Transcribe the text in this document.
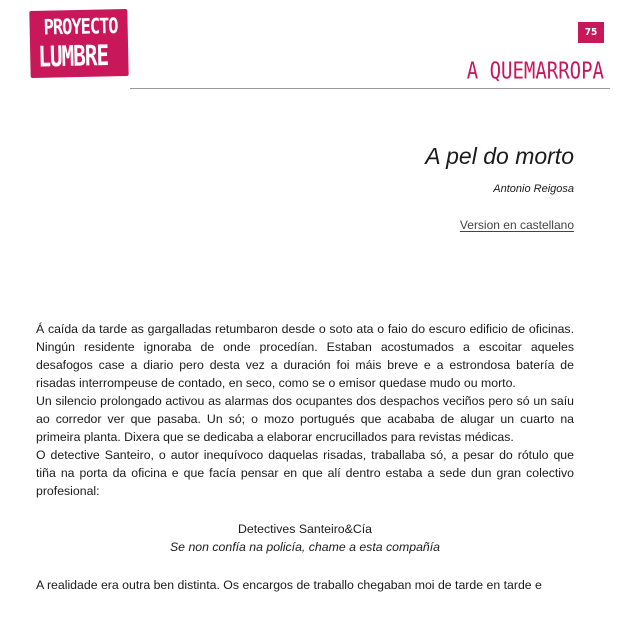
PROYECTO
LUMBRE
75
A QUEMARROPA
A pel do morto
Antonio Reigosa
Version en castellano

Á caída da tarde as gargalladas retumbaron desde o soto ata o faio do escuro edificio de oficinas. Ningún residente ignoraba de onde procedían. Estaban acostumados a escoitar aqueles desafogos case a diario pero desta vez a duración foi máis breve e a estrondosa batería de risadas interrompeuse de contado, en seco, como se o emisor quedase mudo ou morto.

Un silencio prolongado activou as alarmas dos ocupantes dos despachos veciños pero só un saíu ao corredor ver que pasaba. Un só; o mozo portugués que acababa de alugar un cuarto na primeira planta. Dixera que se dedicaba a elaborar encrucillados para revistas médicas.

O detective Santeiro, o autor inequívoco daquelas risadas, traballaba só, a pesar do rótulo que tiña na porta da oficina e que facía pensar en que alí dentro estaba a sede dun gran colectivo profesional:

Detectives Santeiro&Cía
Se non confía na policía, chame a esta compañía

A realidade era outra ben distinta. Os encargos de traballo chegaban moi de tarde en tarde e
